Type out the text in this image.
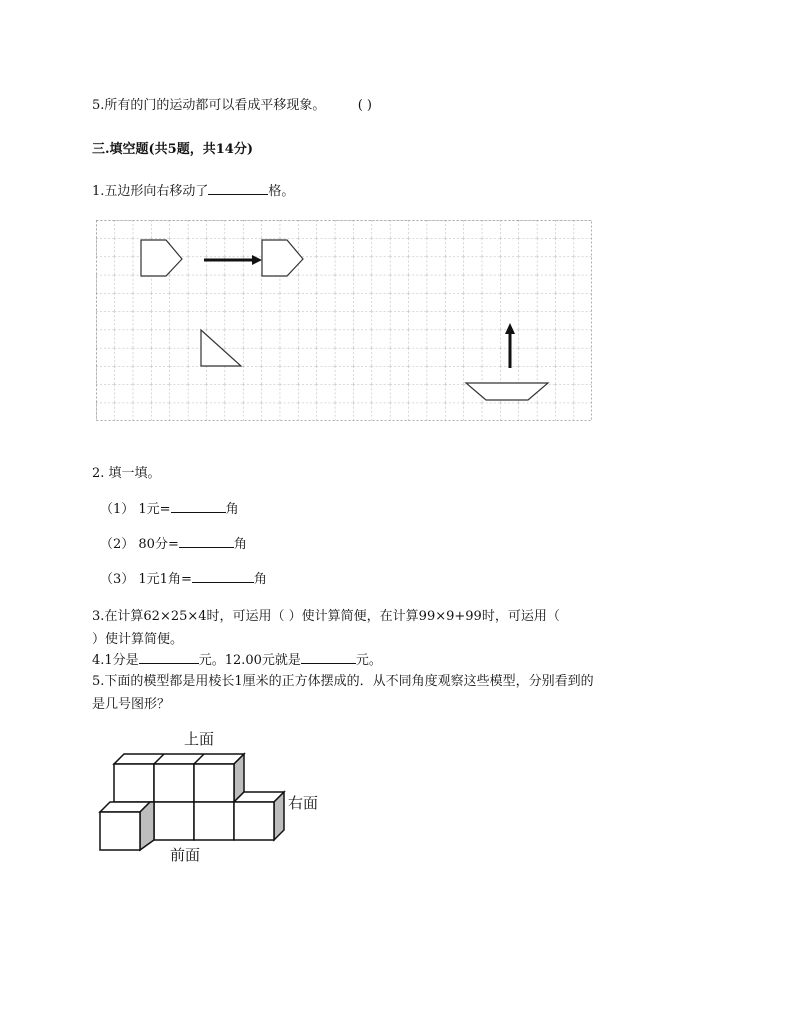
5.所有的门的运动都可以看成平移现象。 ( )
三.填空题(共5题，共14分)
1.五边形向右移动了	格。
2. 填一填。
（1） 1元=	角
（2） 80分=	角
（3） 1元1角=	角
3.在计算62×25×4时，可运用（ ）使计算简便，在计算99×9+99时，可运用（
）使计算简便。
4.1分是	元。12.00元就是	元。
5.下面的模型都是用棱长1厘米的正方体摆成的．从不同角度观察这些模型，分别看到的
是几号图形？
上面
右面
前面
